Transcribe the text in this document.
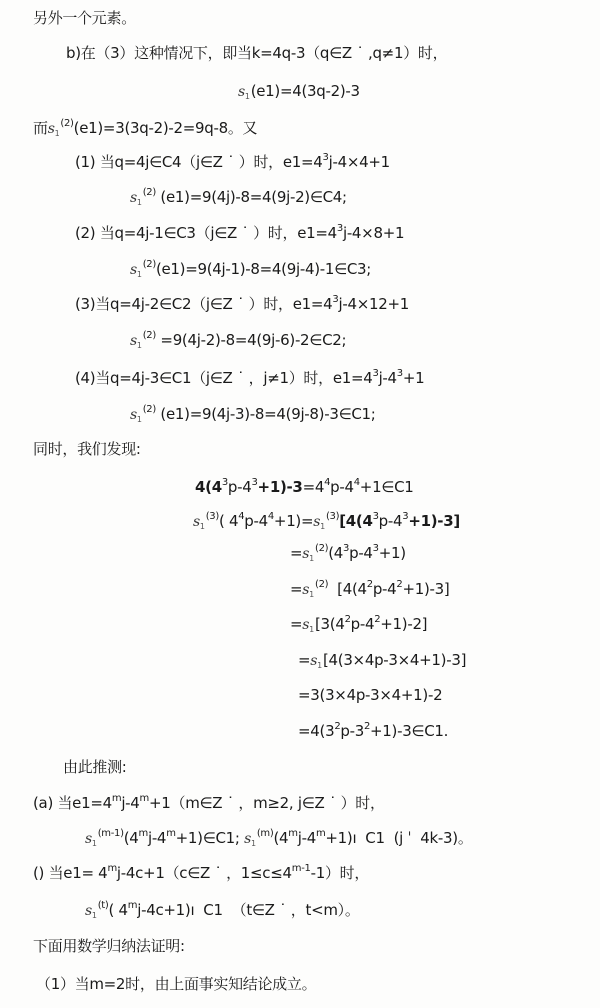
另外一个元素。
b)在（3）这种情况下，即当k=4q-3（q∈Z ˙ ,q≠1）时，
$s_1(e1)=4(3q-2)-3$
而$s_1^{(2)}(e1)=3(3q-2)-2=9q-8$。又
(1) 当q=4j∈C4（j∈Z ˙ ）时，$e1=4^3j-4\times 4+1$
$s_1^{(2)}$ (e1)=9(4j)-8=4(9j-2)∈C4;
(2) 当q=4j-1∈C3（j∈Z ˙ ）时，$e1=4^3j-4\times 8+1$
$s_1^{(2)}(e1)=9(4j-1)-8=4(9j-4)-1\in C3$;
(3)当q=4j-2∈C2（j∈Z ˙ ）时，$e1=4^3j-4\times 12+1$
$s_1^{(2)}$ =9(4j-2)-8=4(9j-6)-2∈C2;
(4)当q=4j-3∈C1（j∈Z ˙ ，j≠1）时，$e1=4^3j-4^3+1$
$s_1^{(2)}$ (e1)=9(4j-3)-8=4(9j-8)-3∈C1;
同时，我们发现:
$4(4^3p-4^3+1)-3=4^4p-4^4+1\in C1$
$s_1^{(3)}$( $4^4p-4^4+1)=s_1^{(3)}[4(4^3p-4^3+1)-3]$
$=s_1^{(2)}(4^3p-4^3+1)$
$=s_1^{(2)}$  $[4(4^2p-4^2+1)-3]$
$=s_1[3(4^2p-4^2+1)-2]$
$=s_1[4(3\times 4p-3\times 4+1)-3]$
=3(3×4p-3×4+1)-2
$=4(3^2p-3^2+1)-3\in C1$.
由此推测:
(a) 当$e1=4^mj-4^m+1(m\in Z$ ˙ ，m≥2, j∈Z ˙ ）时，
$s_1^{(m-1)}(4^mj-4^m+1)\in C1$; $s_1^{(m)}(4^mj-4^m+1)ı$  C1  (j ˈ  4k-3)。
() 当$e1= 4^mj-4c+1(c\in Z$ ˙ ，$1\le c\le 4^{m-1}-1$）时，
$s_1^{(t)}$( $4^mj-4c+1)ı$  C1  （t∈Z ˙ ，t<m）。
下面用数学归纳法证明:
（1）当m=2时，由上面事实知结论成立。
